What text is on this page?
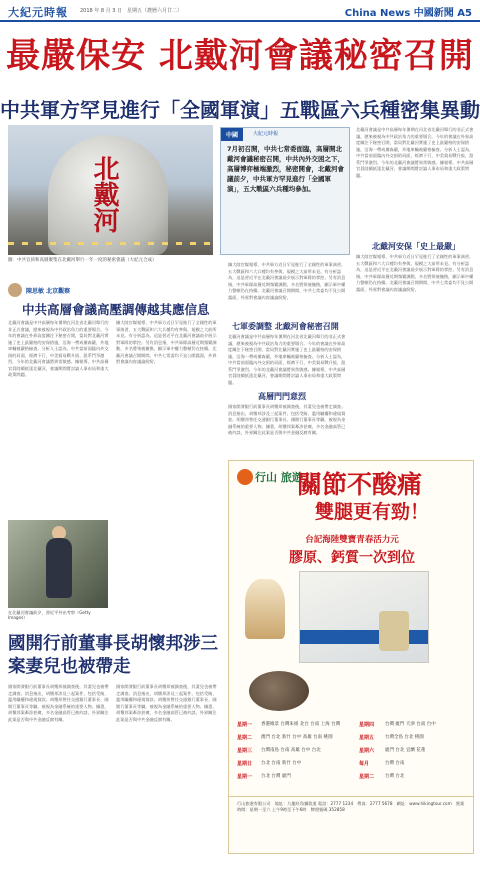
大紀元時報 2018 年 8 月 3 日　星期五（農曆六月廿二）	China News 中國新聞 A5
最嚴保安 北戴河會議秘密召開
中共軍方罕見進行「全國軍演」五戰區六兵種密集異動
北戴河
圖：中共官員和高層聚集在北戴河舉行一年一度的秘密會議（大紀元合成）
中國	大紀元時報
7月初召開，中共七常委面臨，高層開北戴河會議秘密召開，中共內外交困之下，高層博弈極端激烈，秘密開會，北戴河會議前夕，中共軍方罕見進行「全國軍演」，五大戰區六兵種均參加。
北戴河會議是中共高層每年暑期在河北省北戴河舉行的非正式會議，歷來被視為中共政治角力的重要場合。今年的會議在外界高度關注下秘密召開，當局對北戴河實施了史上最嚴格的安保措施，沿海一帶戒備森嚴，外地車輛被嚴格檢查。分析人士認為，中共當前面臨內外交困的局面，經濟下行、中美貿易戰升級、派系鬥爭激烈，今年的北戴河會議將異常敏感。據報導，中共高層官員陸續抵達北戴河，會議期間將討論人事布局和重大政策問題。
北戴河安保「史上最嚴」
據大陸官媒報導，中共軍方近日罕見進行了全國性的軍事演習，五大戰區和六大兵種均有參與，規模之大前所未見。有分析認為，這是習近平在北戴河會議前夕展示對軍隊的掌控。另有消息指，中共軍隊高層近期頻繁調動，多名將領被撤換，顯示軍中權力整頓仍在持續。北戴河會議召開期間，中共七常委均不見公開露面，外界對會議內容議論紛紛。
據大陸官媒報導，中共軍方近日罕見進行了全國性的軍事演習，五大戰區和六大兵種均有參與，規模之大前所未見。有分析認為，這是習近平在北戴河會議前夕展示對軍隊的掌控。另有消息指，中共軍隊高層近期頻繁調動，多名將領被撤換，顯示軍中權力整頓仍在持續。北戴河會議召開期間，中共七常委均不見公開露面，外界對會議內容議論紛紛。
七軍委調整 北戴河會秘密召開
北戴河會議是中共高層每年暑期在河北省北戴河舉行的非正式會議，歷來被視為中共政治角力的重要場合。今年的會議在外界高度關注下秘密召開，當局對北戴河實施了史上最嚴格的安保措施，沿海一帶戒備森嚴，外地車輛被嚴格檢查。分析人士認為，中共當前面臨內外交困的局面，經濟下行、中美貿易戰升級、派系鬥爭激烈，今年的北戴河會議將異常敏感。據報導，中共高層官員陸續抵達北戴河，會議期間將討論人事布局和重大政策問題。
高層門門意烈
國家開發銀行前董事長胡懷邦被調查後，其妻兒也被帶走調查。消息指出，胡懷邦涉及三起案件，包括受賄、濫用職權和違規貸款。胡懷邦曾任交通銀行董事長、國開行董事長等職，被視為金融系統的重要人物。據悉，胡懷邦案牽涉甚廣，多名金融高管已被約談，外界關注此案是否與中共金融反腐有關。
陳思敏 北京觀察
中共高層會議高壓調傳越其應信息
北戴河會議是中共高層每年暑期在河北省北戴河舉行的非正式會議，歷來被視為中共政治角力的重要場合。今年的會議在外界高度關注下秘密召開，當局對北戴河實施了史上最嚴格的安保措施，沿海一帶戒備森嚴，外地車輛被嚴格檢查。分析人士認為，中共當前面臨內外交困的局面，經濟下行、中美貿易戰升級、派系鬥爭激烈，今年的北戴河會議將異常敏感。據報導，中共高層官員陸續抵達北戴河，會議期間將討論人事布局和重大政策問題。
據大陸官媒報導，中共軍方近日罕見進行了全國性的軍事演習，五大戰區和六大兵種均有參與，規模之大前所未見。有分析認為，這是習近平在北戴河會議前夕展示對軍隊的掌控。另有消息指，中共軍隊高層近期頻繁調動，多名將領被撤換，顯示軍中權力整頓仍在持續。北戴河會議召開期間，中共七常委均不見公開露面，外界對會議內容議論紛紛。
在北戴河會議前夕，習近平外出考察（Getty Images）
國開行前董事長胡懷邦涉三案妻兒也被帶走
國家開發銀行前董事長胡懷邦被調查後，其妻兒也被帶走調查。消息指出，胡懷邦涉及三起案件，包括受賄、濫用職權和違規貸款。胡懷邦曾任交通銀行董事長、國開行董事長等職，被視為金融系統的重要人物。據悉，胡懷邦案牽涉甚廣，多名金融高管已被約談，外界關注此案是否與中共金融反腐有關。
國家開發銀行前董事長胡懷邦被調查後，其妻兒也被帶走調查。消息指出，胡懷邦涉及三起案件，包括受賄、濫用職權和違規貸款。胡懷邦曾任交通銀行董事長、國開行董事長等職，被視為金融系統的重要人物。據悉，胡懷邦案牽涉甚廣，多名金融高管已被約談，外界關注此案是否與中共金融反腐有關。
行山 旅遊
關節不酸痛
雙腿更有勁！
台記海陸雙寶青春活力元
膠原、鈣質一次到位
星期一 香港維景 台灣朱姐 北台 台南 上海 台灣	星期四 台灣 廈門 天津 台南 台中
星期二 澳門 台北 新竹 台中 高雄 台南 桃園	星期五 台灣全島 台北 桃園
星期三 台灣南島 台南 高雄 台中 台北	星期六 廈門 台北 宜蘭 花蓮
星期日 台北 台南 新竹 台中	每月	台灣 台南
星期一 台北 台灣 廈門	星期二 台灣 台北
行山旅遊有限公司　地址：九龍旺角彌敦道 電話：2777 1234　傳真：2777 5678　網址：www.hikingtour.com　營業時間：星期一至六 上午9時至下午6時　牌照號碼 352858
